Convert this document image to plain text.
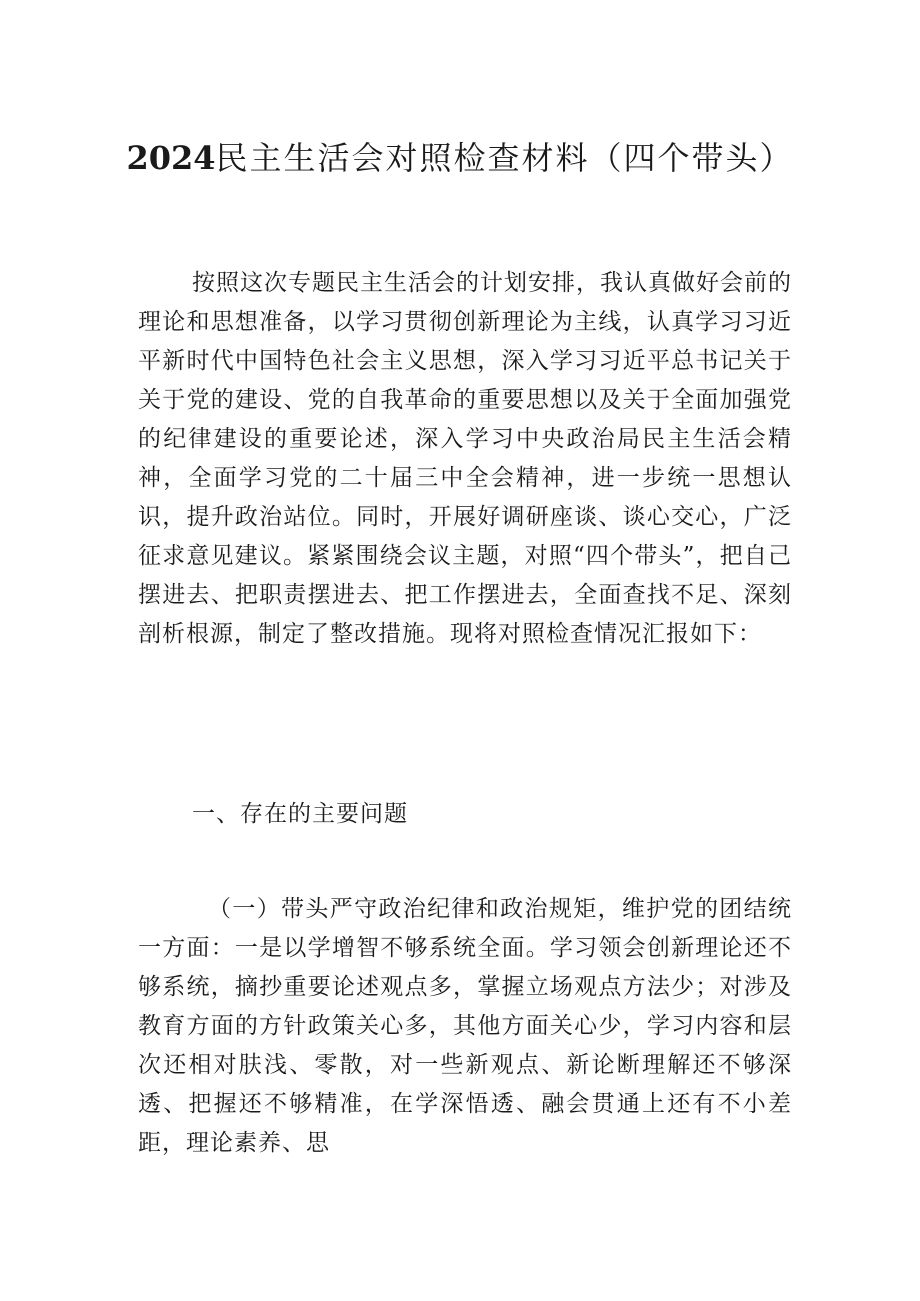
2024民主生活会对照检查材料（四个带头）

按照这次专题民主生活会的计划安排，我认真做好会前的理论和思想准备，以学习贯彻创新理论为主线，认真学习习近平新时代中国特色社会主义思想，深入学习习近平总书记关于关于党的建设、党的自我革命的重要思想以及关于全面加强党的纪律建设的重要论述，深入学习中央政治局民主生活会精神，全面学习党的二十届三中全会精神，进一步统一思想认识，提升政治站位。同时，开展好调研座谈、谈心交心，广泛征求意见建议。紧紧围绕会议主题，对照“四个带头”，把自己摆进去、把职责摆进去、把工作摆进去，全面查找不足、深刻剖析根源，制定了整改措施。现将对照检查情况汇报如下：

一、存在的主要问题

（一）带头严守政治纪律和政治规矩，维护党的团结统一方面：一是以学增智不够系统全面。学习领会创新理论还不够系统，摘抄重要论述观点多，掌握立场观点方法少；对涉及教育方面的方针政策关心多，其他方面关心少，学习内容和层次还相对肤浅、零散，对一些新观点、新论断理解还不够深透、把握还不够精准，在学深悟透、融会贯通上还有不小差距，理论素养、思
